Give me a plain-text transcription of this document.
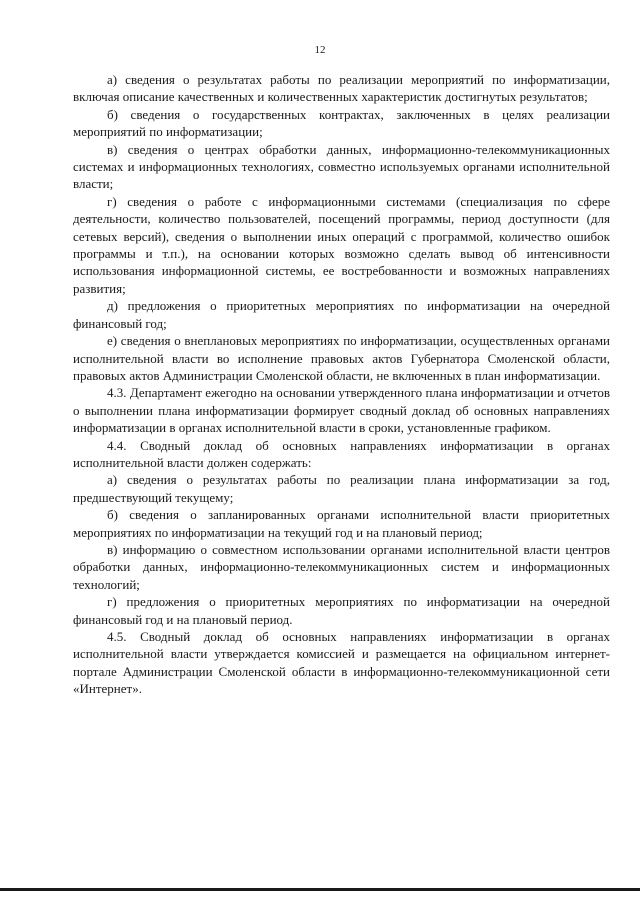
12

а) сведения о результатах работы по реализации мероприятий по информатизации, включая описание качественных и количественных характеристик достигнутых результатов;

б) сведения о государственных контрактах, заключенных в целях реализации мероприятий по информатизации;

в) сведения о центрах обработки данных, информационно-телекоммуникационных системах и информационных технологиях, совместно используемых органами исполнительной власти;

г) сведения о работе с информационными системами (специализация по сфере деятельности, количество пользователей, посещений программы, период доступности (для сетевых версий), сведения о выполнении иных операций с программой, количество ошибок программы и т.п.), на основании которых возможно сделать вывод об интенсивности использования информационной системы, ее востребованности и возможных направлениях развития;

д) предложения о приоритетных мероприятиях по информатизации на очередной финансовый год;

е) сведения о внеплановых мероприятиях по информатизации, осуществленных органами исполнительной власти во исполнение правовых актов Губернатора Смоленской области, правовых актов Администрации Смоленской области, не включенных в план информатизации.

4.3. Департамент ежегодно на основании утвержденного плана информатизации и отчетов о выполнении плана информатизации формирует сводный доклад об основных направлениях информатизации в органах исполнительной власти в сроки, установленные графиком.

4.4. Сводный доклад об основных направлениях информатизации в органах исполнительной власти должен содержать:

а) сведения о результатах работы по реализации плана информатизации за год, предшествующий текущему;

б) сведения о запланированных органами исполнительной власти приоритетных мероприятиях по информатизации на текущий год и на плановый период;

в) информацию о совместном использовании органами исполнительной власти центров обработки данных, информационно-телекоммуникационных систем и информационных технологий;

г) предложения о приоритетных мероприятиях по информатизации на очередной финансовый год и на плановый период.

4.5. Сводный доклад об основных направлениях информатизации в органах исполнительной власти утверждается комиссией и размещается на официальном интернет-портале Администрации Смоленской области в информационно-телекоммуникационной сети «Интернет».
